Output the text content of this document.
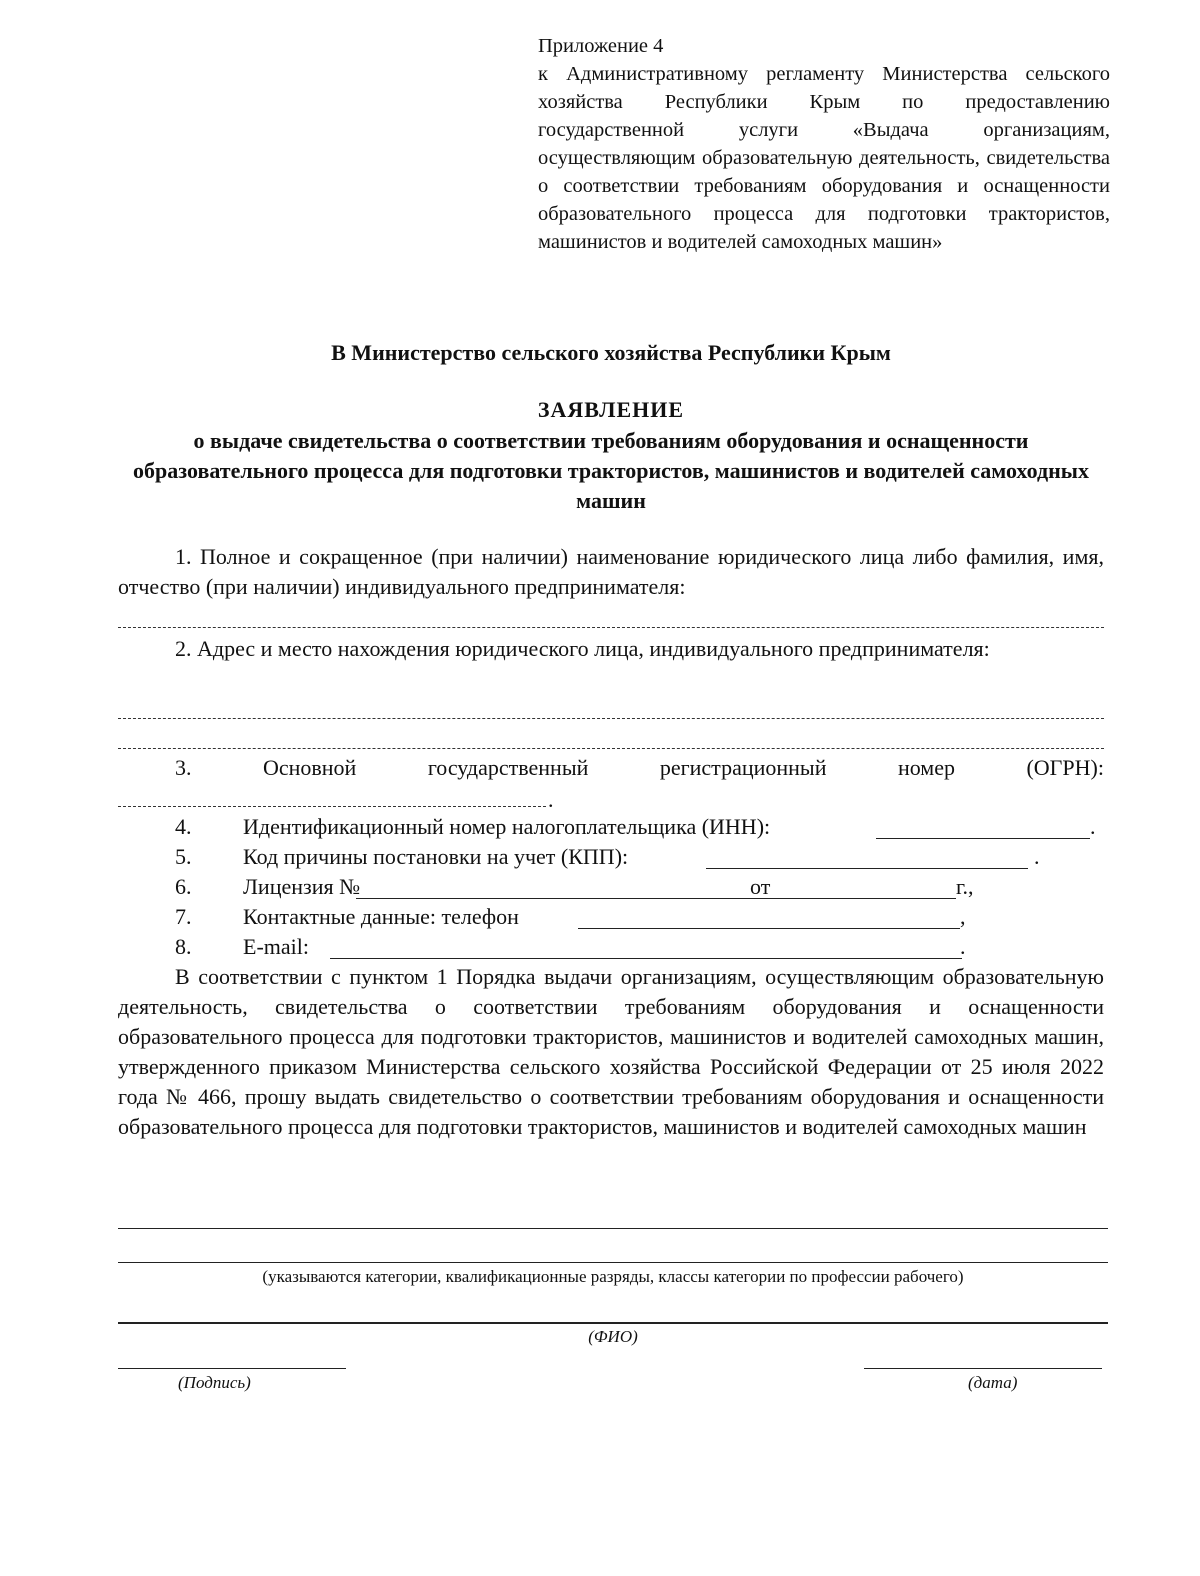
Приложение 4
к Административному регламенту Министерства сельского хозяйства Республики Крым по предоставлению государственной услуги «Выдача организациям, осуществляющим образовательную деятельность, свидетельства о соответствии требованиям оборудования и оснащенности образовательного процесса для подготовки трактористов, машинистов и водителей самоходных машин»
В Министерство сельского хозяйства Республики Крым
ЗАЯВЛЕНИЕ
о выдаче свидетельства о соответствии требованиям оборудования и оснащенности образовательного процесса для подготовки трактористов, машинистов и водителей самоходных машин
1. Полное и сокращенное (при наличии) наименование юридического лица либо фамилия, имя, отчество (при наличии) индивидуального предпринимателя:
2. Адрес и место нахождения юридического лица, индивидуального предпринимателя:
3.	Основной	государственный	регистрационный	номер	(ОГРН):
.
4. Идентификационный номер налогоплательщика (ИНН):	.
5. Код причины постановки на учет (КПП):	.
6. Лицензия №	от	г.,
7. Контактные данные: телефон	,
8. E-mail:	.
В соответствии с пунктом 1 Порядка выдачи организациям, осуществляющим образовательную деятельность, свидетельства о соответствии требованиям оборудования и оснащенности образовательного процесса для подготовки трактористов, машинистов и водителей самоходных машин, утвержденного приказом Министерства сельского хозяйства Российской Федерации от 25 июля 2022 года № 466, прошу выдать свидетельство о соответствии требованиям оборудования и оснащенности образовательного процесса для подготовки трактористов, машинистов и водителей самоходных машин
(указываются категории, квалификационные разряды, классы категории по профессии рабочего)
(ФИО)
(Подпись)	(дата)
